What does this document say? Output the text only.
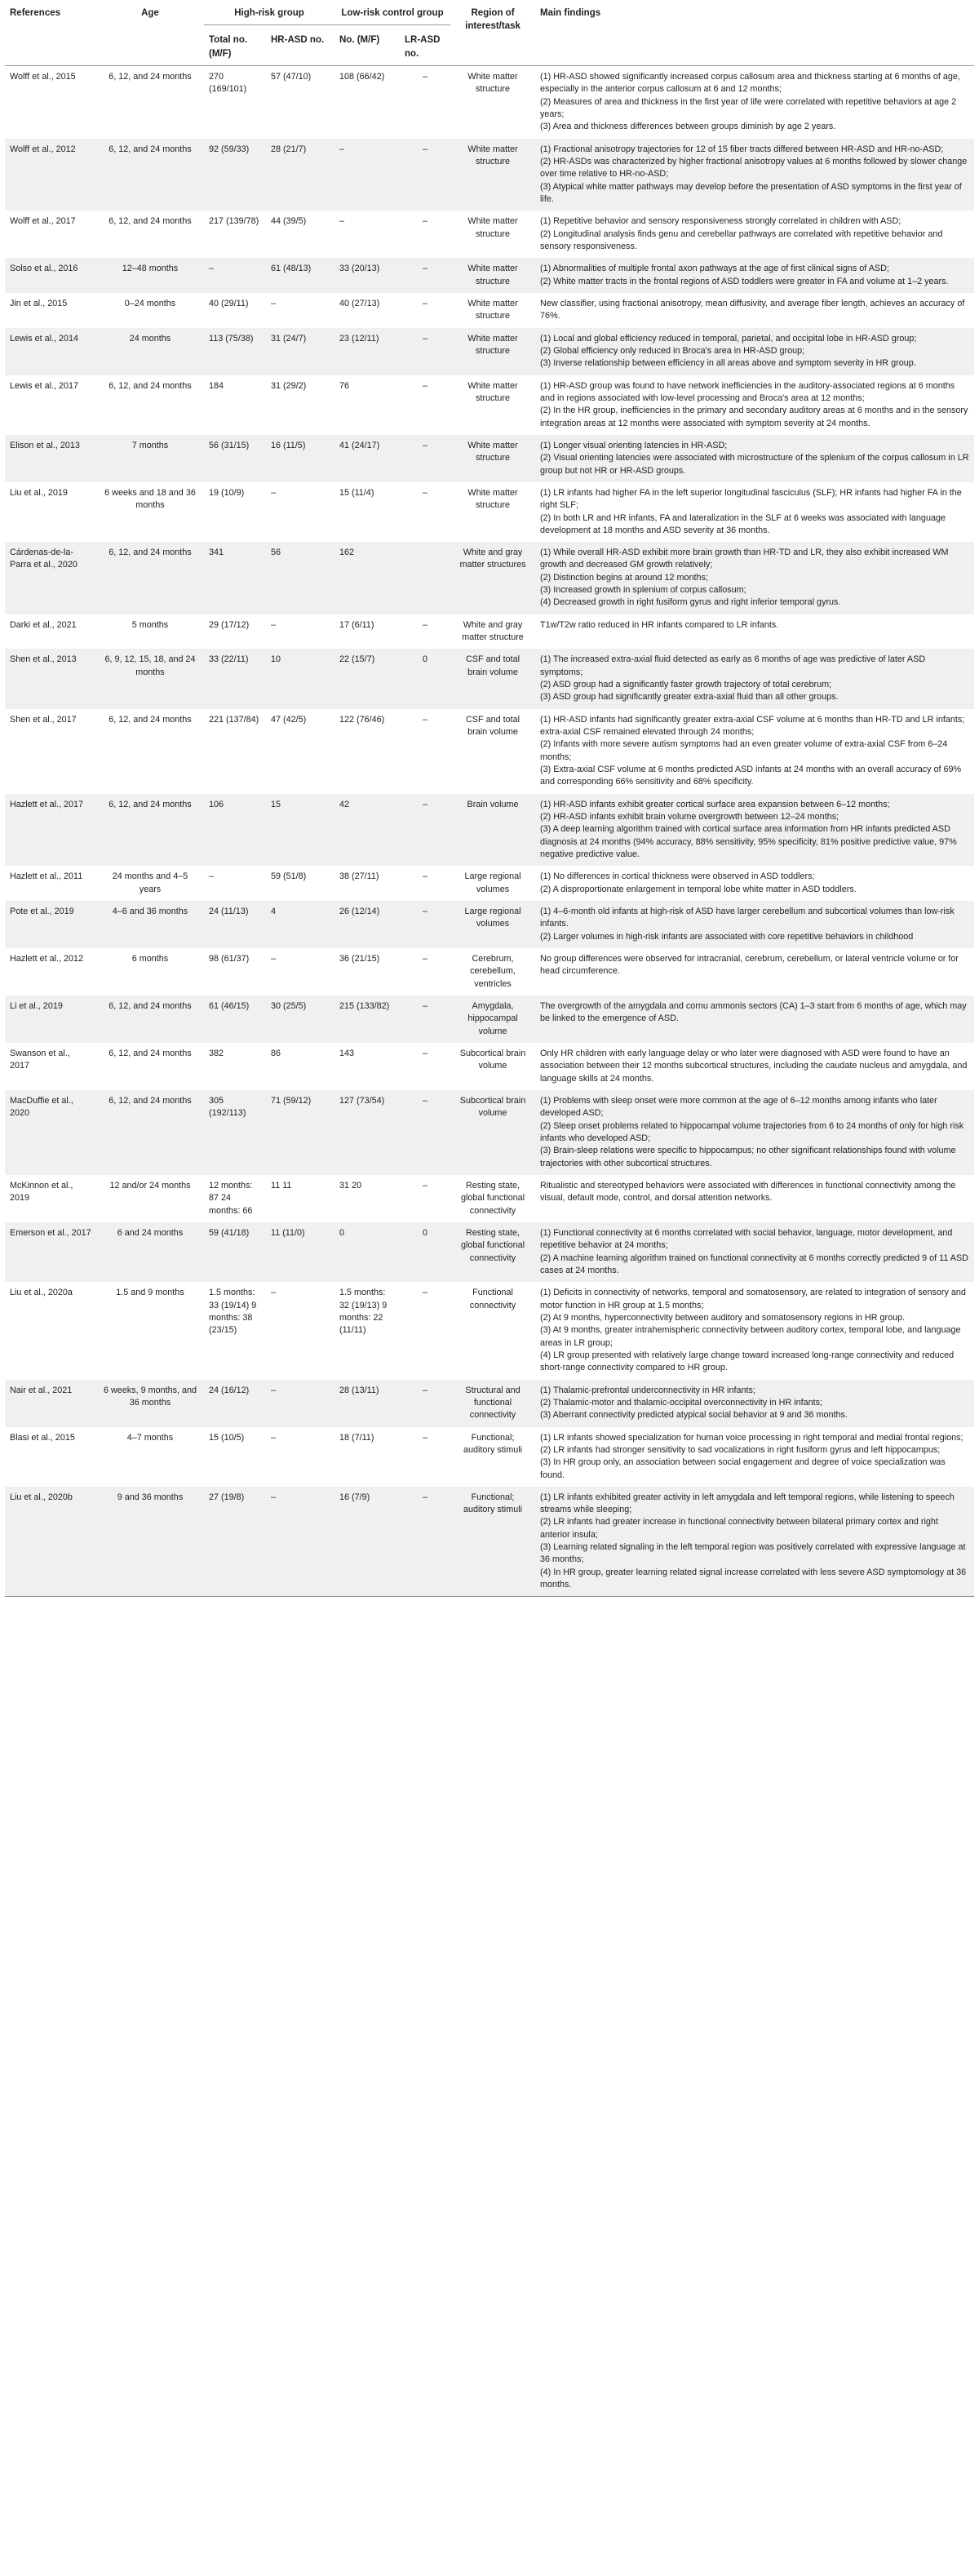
References	Age	High-risk group		Low-risk control group		Region of interest/task	Main findings
		Total no. (M/F)	HR-ASD no.	No. (M/F)	LR-ASD no.		
Wolff et al., 2015	6, 12, and 24 months	270 (169/101)	57 (47/10)	108 (66/42)	–	White matter structure	(1) HR-ASD showed significantly increased corpus callosum area and thickness starting at 6 months of age, especially in the anterior corpus callosum at 6 and 12 months;
(2) Measures of area and thickness in the first year of life were correlated with repetitive behaviors at age 2 years;
(3) Area and thickness differences between groups diminish by age 2 years.

Wolff et al., 2012	6, 12, and 24 months	92 (59/33)	28 (21/7)	–	–	White matter structure	(1) Fractional anisotropy trajectories for 12 of 15 fiber tracts differed between HR-ASD and HR-no-ASD;
(2) HR-ASDs was characterized by higher fractional anisotropy values at 6 months followed by slower change over time relative to HR-no-ASD;
(3) Atypical white matter pathways may develop before the presentation of ASD symptoms in the first year of life.

Wolff et al., 2017	6, 12, and 24 months	217 (139/78)	44 (39/5)	–	–	White matter structure	(1) Repetitive behavior and sensory responsiveness strongly correlated in children with ASD;
(2) Longitudinal analysis finds genu and cerebellar pathways are correlated with repetitive behavior and sensory responsiveness.

Solso et al., 2016	12–48 months	–	61 (48/13)	33 (20/13)	–	White matter structure	(1) Abnormalities of multiple frontal axon pathways at the age of first clinical signs of ASD;
(2) White matter tracts in the frontal regions of ASD toddlers were greater in FA and volume at 1–2 years.

Jin et al., 2015	0–24 months	40 (29/11)	–	40 (27/13)	–	White matter structure	New classifier, using fractional anisotropy, mean diffusivity, and average fiber length, achieves an accuracy of 76%.

Lewis et al., 2014	24 months	113 (75/38)	31 (24/7)	23 (12/11)	–	White matter structure	(1) Local and global efficiency reduced in temporal, parietal, and occipital lobe in HR-ASD group;
(2) Global efficiency only reduced in Broca's area in HR-ASD group;
(3) Inverse relationship between efficiency in all areas above and symptom severity in HR group.

Lewis et al., 2017	6, 12, and 24 months	184	31 (29/2)	76	–	White matter structure	(1) HR-ASD group was found to have network inefficiencies in the auditory-associated regions at 6 months and in regions associated with low-level processing and Broca's area at 12 months;
(2) In the HR group, inefficiencies in the primary and secondary auditory areas at 6 months and in the sensory integration areas at 12 months were associated with symptom severity at 24 months.

Elison et al., 2013	7 months	56 (31/15)	16 (11/5)	41 (24/17)	–	White matter structure	(1) Longer visual orienting latencies in HR-ASD;
(2) Visual orienting latencies were associated with microstructure of the splenium of the corpus callosum in LR group but not HR or HR-ASD groups.

Liu et al., 2019	6 weeks and 18 and 36 months	19 (10/9)	–	15 (11/4)	–	White matter structure	(1) LR infants had higher FA in the left superior longitudinal fasciculus (SLF); HR infants had higher FA in the right SLF;
(2) In both LR and HR infants, FA and lateralization in the SLF at 6 weeks was associated with language development at 18 months and ASD severity at 36 months.

Cárdenas-de-la-Parra et al., 2020	6, 12, and 24 months	341	56	162		White and gray matter structures	(1) While overall HR-ASD exhibit more brain growth than HR-TD and LR, they also exhibit increased WM growth and decreased GM growth relatively;
(2) Distinction begins at around 12 months;
(3) Increased growth in splenium of corpus callosum;
(4) Decreased growth in right fusiform gyrus and right inferior temporal gyrus.

Darki et al., 2021	5 months	29 (17/12)	–	17 (6/11)	–	White and gray matter structure	T1w/T2w ratio reduced in HR infants compared to LR infants.

Shen et al., 2013	6, 9, 12, 15, 18, and 24 months	33 (22/11)	10	22 (15/7)	0	CSF and total brain volume	(1) The increased extra-axial fluid detected as early as 6 months of age was predictive of later ASD symptoms;
(2) ASD group had a significantly faster growth trajectory of total cerebrum;
(3) ASD group had significantly greater extra-axial fluid than all other groups.

Shen et al., 2017	6, 12, and 24 months	221 (137/84)	47 (42/5)	122 (76/46)	–	CSF and total brain volume	(1) HR-ASD infants had significantly greater extra-axial CSF volume at 6 months than HR-TD and LR infants; extra-axial CSF remained elevated through 24 months;
(2) Infants with more severe autism symptoms had an even greater volume of extra-axial CSF from 6–24 months;
(3) Extra-axial CSF volume at 6 months predicted ASD infants at 24 months with an overall accuracy of 69% and corresponding 66% sensitivity and 68% specificity.

Hazlett et al., 2017	6, 12, and 24 months	106	15	42	–	Brain volume	(1) HR-ASD infants exhibit greater cortical surface area expansion between 6–12 months;
(2) HR-ASD infants exhibit brain volume overgrowth between 12–24 months;
(3) A deep learning algorithm trained with cortical surface area information from HR infants predicted ASD diagnosis at 24 months (94% accuracy, 88% sensitivity, 95% specificity, 81% positive predictive value, 97% negative predictive value.

Hazlett et al., 2011	24 months and 4–5 years	–	59 (51/8)	38 (27/11)	–	Large regional volumes	(1) No differences in cortical thickness were observed in ASD toddlers;
(2) A disproportionate enlargement in temporal lobe white matter in ASD toddlers.

Pote et al., 2019	4–6 and 36 months	24 (11/13)	4	26 (12/14)	–	Large regional volumes	(1) 4–6-month old infants at high-risk of ASD have larger cerebellum and subcortical volumes than low-risk infants.
(2) Larger volumes in high-risk infants are associated with core repetitive behaviors in childhood

Hazlett et al., 2012	6 months	98 (61/37)	–	36 (21/15)	–	Cerebrum, cerebellum, ventricles	No group differences were observed for intracranial, cerebrum, cerebellum, or lateral ventricle volume or for head circumference.

Li et al., 2019	6, 12, and 24 months	61 (46/15)	30 (25/5)	215 (133/82)	–	Amygdala, hippocampal volume	The overgrowth of the amygdala and cornu ammonis sectors (CA) 1–3 start from 6 months of age, which may be linked to the emergence of ASD.

Swanson et al., 2017	6, 12, and 24 months	382	86	143	–	Subcortical brain volume	Only HR children with early language delay or who later were diagnosed with ASD were found to have an association between their 12 months subcortical structures, including the caudate nucleus and amygdala, and language skills at 24 months.

MacDuffie et al., 2020	6, 12, and 24 months	305 (192/113)	71 (59/12)	127 (73/54)	–	Subcortical brain volume	(1) Problems with sleep onset were more common at the age of 6–12 months among infants who later developed ASD;
(2) Sleep onset problems related to hippocampal volume trajectories from 6 to 24 months of only for high risk infants who developed ASD;
(3) Brain-sleep relations were specific to hippocampus; no other significant relationships found with volume trajectories with other subcortical structures.

McKinnon et al., 2019	12 and/or 24 months	12 months: 87 24 months: 66	11 11	31 20	–	Resting state, global functional connectivity	Ritualistic and stereotyped behaviors were associated with differences in functional connectivity among the visual, default mode, control, and dorsal attention networks.

Emerson et al., 2017	6 and 24 months	59 (41/18)	11 (11/0)	0	0	Resting state, global functional connectivity	(1) Functional connectivity at 6 months correlated with social behavior, language, motor development, and repetitive behavior at 24 months;
(2) A machine learning algorithm trained on functional connectivity at 6 months correctly predicted 9 of 11 ASD cases at 24 months.

Liu et al., 2020a	1.5 and 9 months	1.5 months: 33 (19/14) 9 months: 38 (23/15)	–	1.5 months: 32 (19/13) 9 months: 22 (11/11)	–	Functional connectivity	(1) Deficits in connectivity of networks, temporal and somatosensory, are related to integration of sensory and motor function in HR group at 1.5 months;
(2) At 9 months, hyperconnectivity between auditory and somatosensory regions in HR group.
(3) At 9 months, greater intrahemispheric connectivity between auditory cortex, temporal lobe, and language areas in LR group;
(4) LR group presented with relatively large change toward increased long-range connectivity and reduced short-range connectivity compared to HR group.

Nair et al., 2021	6 weeks, 9 months, and 36 months	24 (16/12)	–	28 (13/11)	–	Structural and functional connectivity	(1) Thalamic-prefrontal underconnectivity in HR infants;
(2) Thalamic-motor and thalamic-occipital overconnectivity in HR infants;
(3) Aberrant connectivity predicted atypical social behavior at 9 and 36 months.

Blasi et al., 2015	4–7 months	15 (10/5)	–	18 (7/11)	–	Functional; auditory stimuli	(1) LR infants showed specialization for human voice processing in right temporal and medial frontal regions;
(2) LR infants had stronger sensitivity to sad vocalizations in right fusiform gyrus and left hippocampus;
(3) In HR group only, an association between social engagement and degree of voice specialization was found.

Liu et al., 2020b	9 and 36 months	27 (19/8)	–	16 (7/9)	–	Functional; auditory stimuli	(1) LR infants exhibited greater activity in left amygdala and left temporal regions, while listening to speech streams while sleeping;
(2) LR infants had greater increase in functional connectivity between bilateral primary cortex and right anterior insula;
(3) Learning related signaling in the left temporal region was positively correlated with expressive language at 36 months;
(4) In HR group, greater learning related signal increase correlated with less severe ASD symptomology at 36 months.
